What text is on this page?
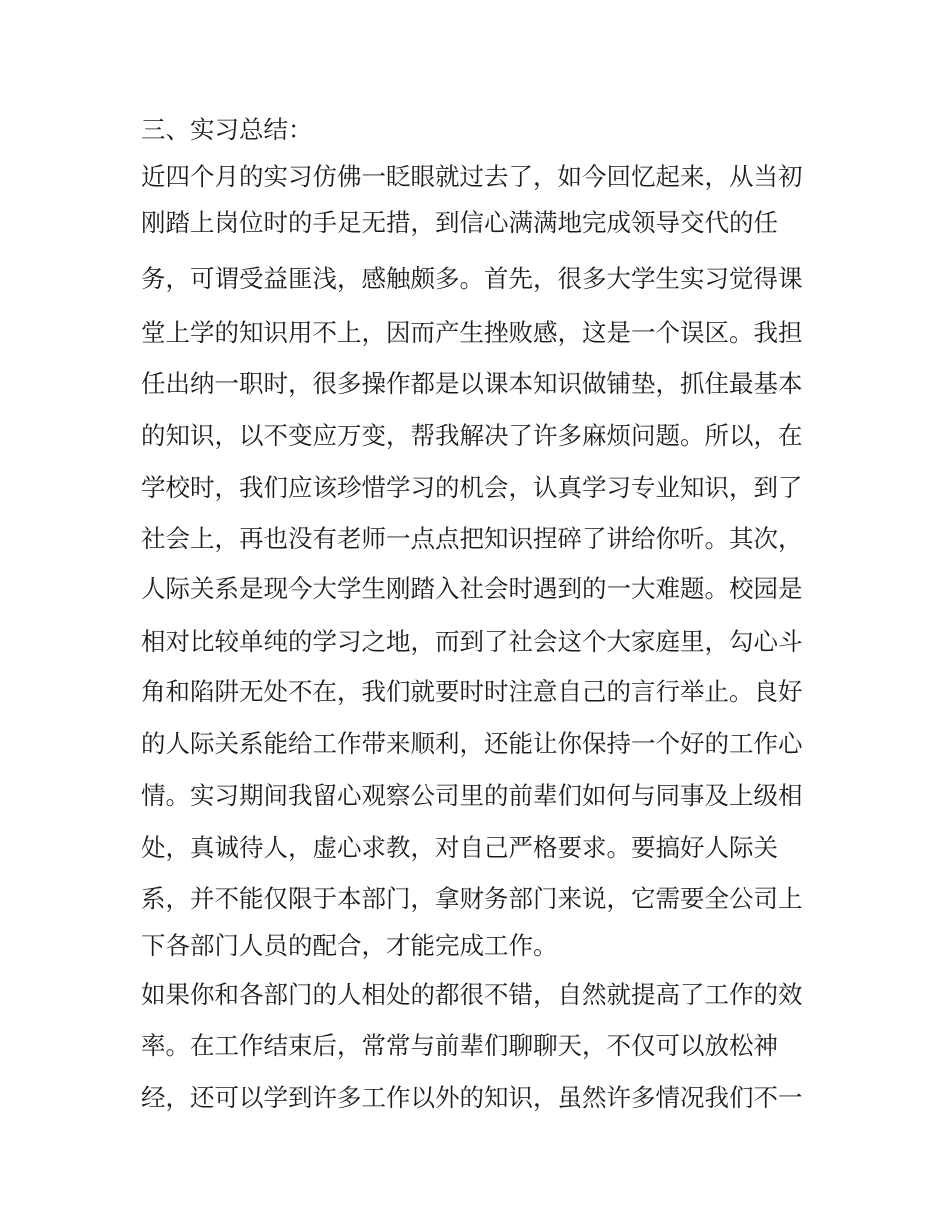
三、实习总结：
近四个月的实习仿佛一眨眼就过去了，如今回忆起来，从当初
刚踏上岗位时的手足无措，到信心满满地完成领导交代的任
务，可谓受益匪浅，感触颇多。首先，很多大学生实习觉得课
堂上学的知识用不上，因而产生挫败感，这是一个误区。我担
任出纳一职时，很多操作都是以课本知识做铺垫，抓住最基本
的知识，以不变应万变，帮我解决了许多麻烦问题。所以，在
学校时，我们应该珍惜学习的机会，认真学习专业知识，到了
社会上，再也没有老师一点点把知识捏碎了讲给你听。其次，
人际关系是现今大学生刚踏入社会时遇到的一大难题。校园是
相对比较单纯的学习之地，而到了社会这个大家庭里，勾心斗
角和陷阱无处不在，我们就要时时注意自己的言行举止。良好
的人际关系能给工作带来顺利，还能让你保持一个好的工作心
情。实习期间我留心观察公司里的前辈们如何与同事及上级相
处，真诚待人，虚心求教，对自己严格要求。要搞好人际关
系，并不能仅限于本部门，拿财务部门来说，它需要全公司上
下各部门人员的配合，才能完成工作。
如果你和各部门的人相处的都很不错，自然就提高了工作的效
率。在工作结束后，常常与前辈们聊聊天，不仅可以放松神
经，还可以学到许多工作以外的知识，虽然许多情况我们不一
